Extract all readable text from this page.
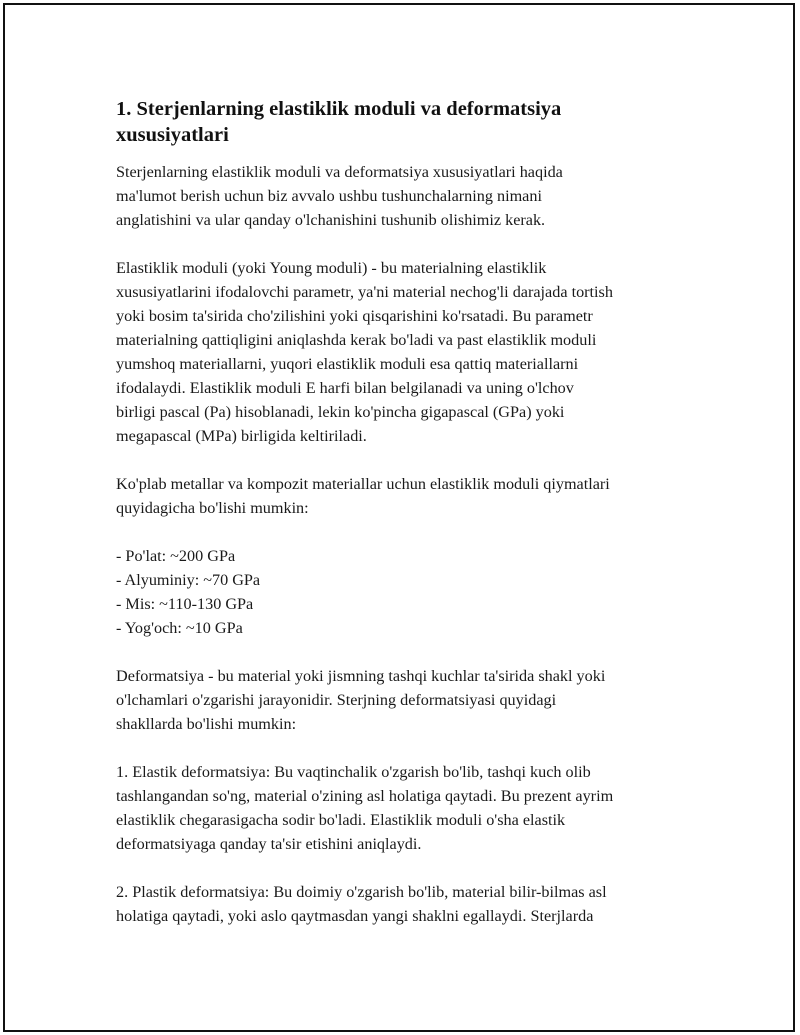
1. Sterjenlarning elastiklik moduli va deformatsiya
xususiyatlari

Sterjenlarning elastiklik moduli va deformatsiya xususiyatlari haqida
ma'lumot berish uchun biz avvalo ushbu tushunchalarning nimani
anglatishini va ular qanday o'lchanishini tushunib olishimiz kerak.

Elastiklik moduli (yoki Young moduli) - bu materialning elastiklik
xususiyatlarini ifodalovchi parametr, ya'ni material nechog'li darajada tortish
yoki bosim ta'sirida cho'zilishini yoki qisqarishini ko'rsatadi. Bu parametr
materialning qattiqligini aniqlashda kerak bo'ladi va past elastiklik moduli
yumshoq materiallarni, yuqori elastiklik moduli esa qattiq materiallarni
ifodalaydi. Elastiklik moduli E harfi bilan belgilanadi va uning o'lchov
birligi pascal (Pa) hisoblanadi, lekin ko'pincha gigapascal (GPa) yoki
megapascal (MPa) birligida keltiriladi.

Ko'plab metallar va kompozit materiallar uchun elastiklik moduli qiymatlari
quyidagicha bo'lishi mumkin:

- Po'lat: ~200 GPa
- Alyuminiy: ~70 GPa
- Mis: ~110-130 GPa
- Yog'och: ~10 GPa

Deformatsiya - bu material yoki jismning tashqi kuchlar ta'sirida shakl yoki
o'lchamlari o'zgarishi jarayonidir. Sterjning deformatsiyasi quyidagi
shakllarda bo'lishi mumkin:

1. Elastik deformatsiya: Bu vaqtinchalik o'zgarish bo'lib, tashqi kuch olib
tashlangandan so'ng, material o'zining asl holatiga qaytadi. Bu prezent ayrim
elastiklik chegarasigacha sodir bo'ladi. Elastiklik moduli o'sha elastik
deformatsiyaga qanday ta'sir etishini aniqlaydi.

2. Plastik deformatsiya: Bu doimiy o'zgarish bo'lib, material bilir-bilmas asl
holatiga qaytadi, yoki aslo qaytmasdan yangi shaklni egallaydi. Sterjlarda
